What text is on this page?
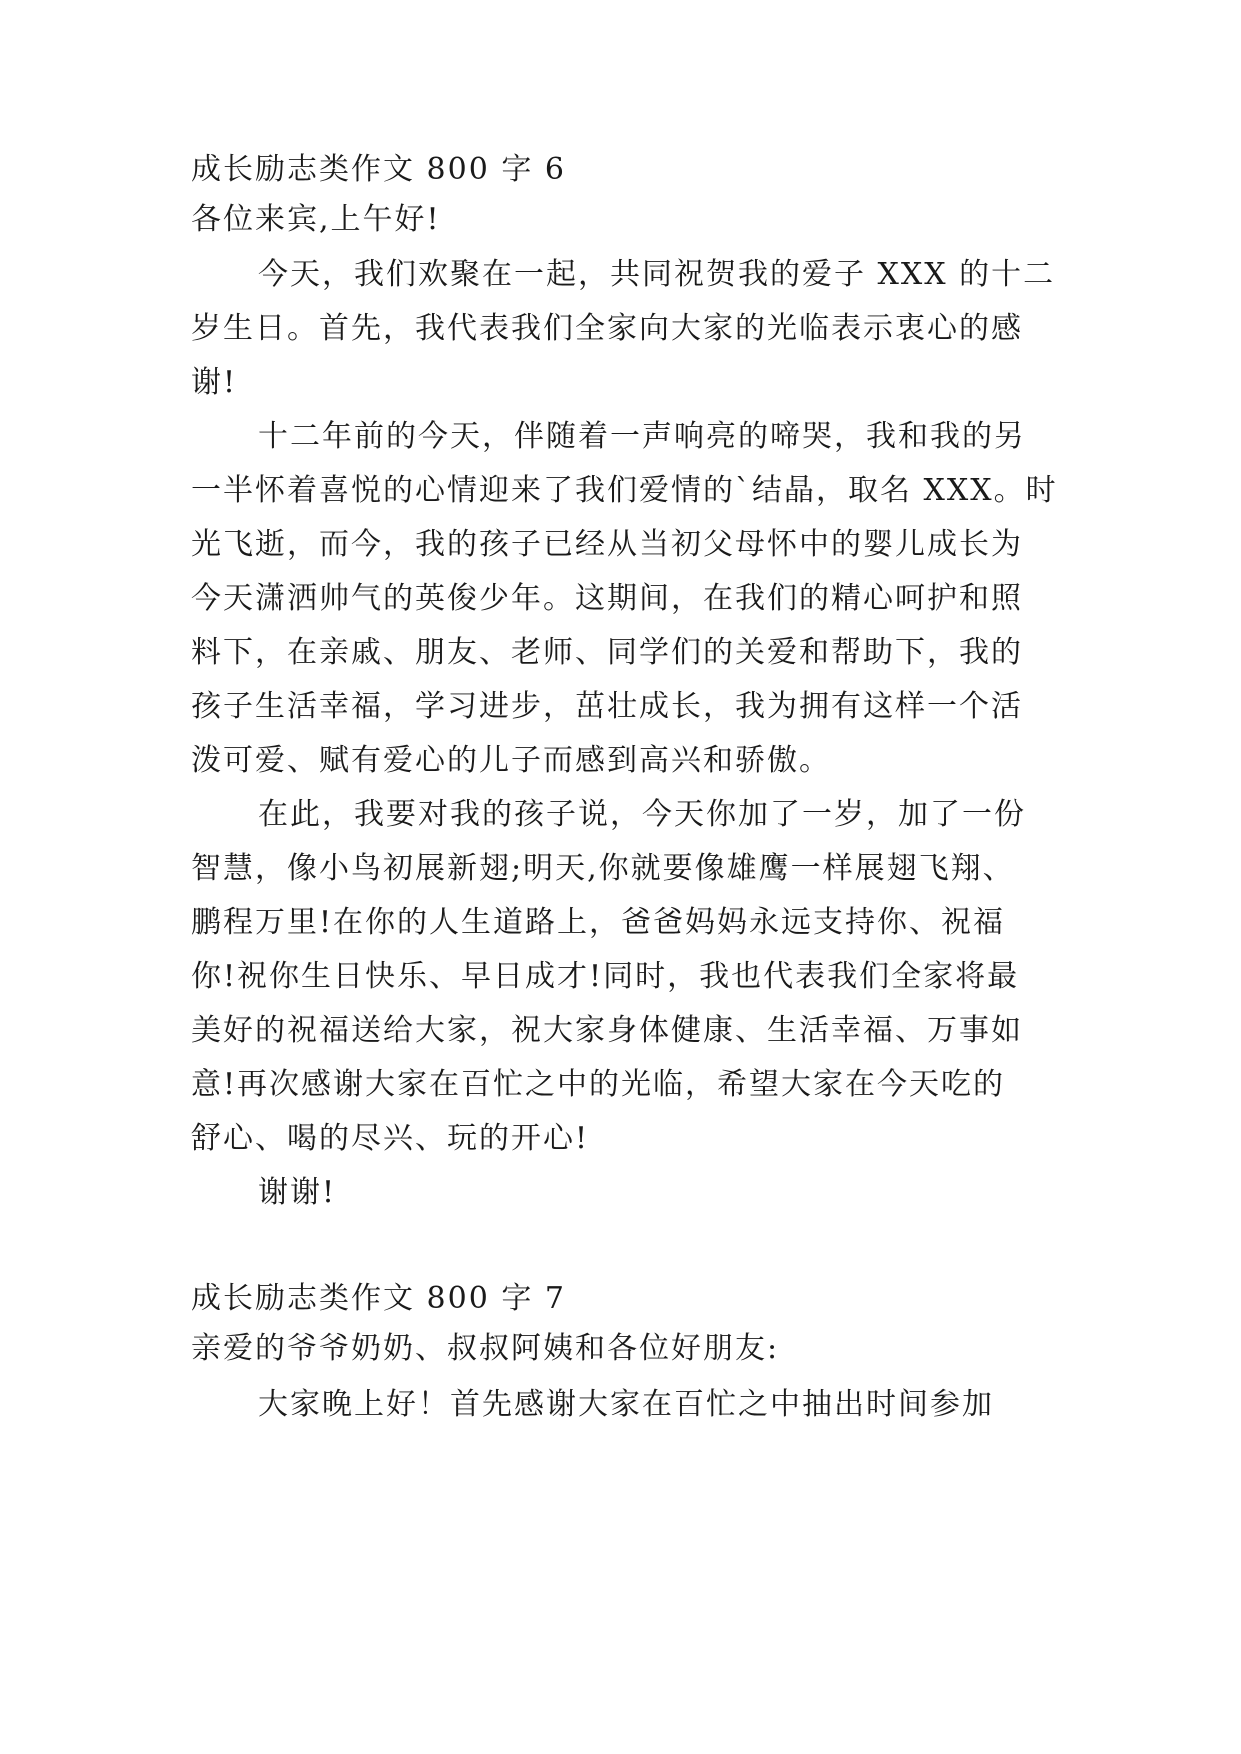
成长励志类作文 800 字 6
各位来宾,上午好!
今天，我们欢聚在一起，共同祝贺我的爱子 XXX 的十二
岁生日。首先，我代表我们全家向大家的光临表示衷心的感
谢!
十二年前的今天，伴随着一声响亮的啼哭，我和我的另
一半怀着喜悦的心情迎来了我们爱情的`结晶，取名 XXX。时
光飞逝，而今，我的孩子已经从当初父母怀中的婴儿成长为
今天潇洒帅气的英俊少年。这期间，在我们的精心呵护和照
料下，在亲戚、朋友、老师、同学们的关爱和帮助下，我的
孩子生活幸福，学习进步，茁壮成长，我为拥有这样一个活
泼可爱、赋有爱心的儿子而感到高兴和骄傲。
在此，我要对我的孩子说，今天你加了一岁，加了一份
智慧，像小鸟初展新翅;明天,你就要像雄鹰一样展翅飞翔、
鹏程万里!在你的人生道路上，爸爸妈妈永远支持你、祝福
你!祝你生日快乐、早日成才!同时，我也代表我们全家将最
美好的祝福送给大家，祝大家身体健康、生活幸福、万事如
意!再次感谢大家在百忙之中的光临，希望大家在今天吃的
舒心、喝的尽兴、玩的开心!
谢谢!
成长励志类作文 800 字 7
亲爱的爷爷奶奶、叔叔阿姨和各位好朋友:
大家晚上好！首先感谢大家在百忙之中抽出时间参加
